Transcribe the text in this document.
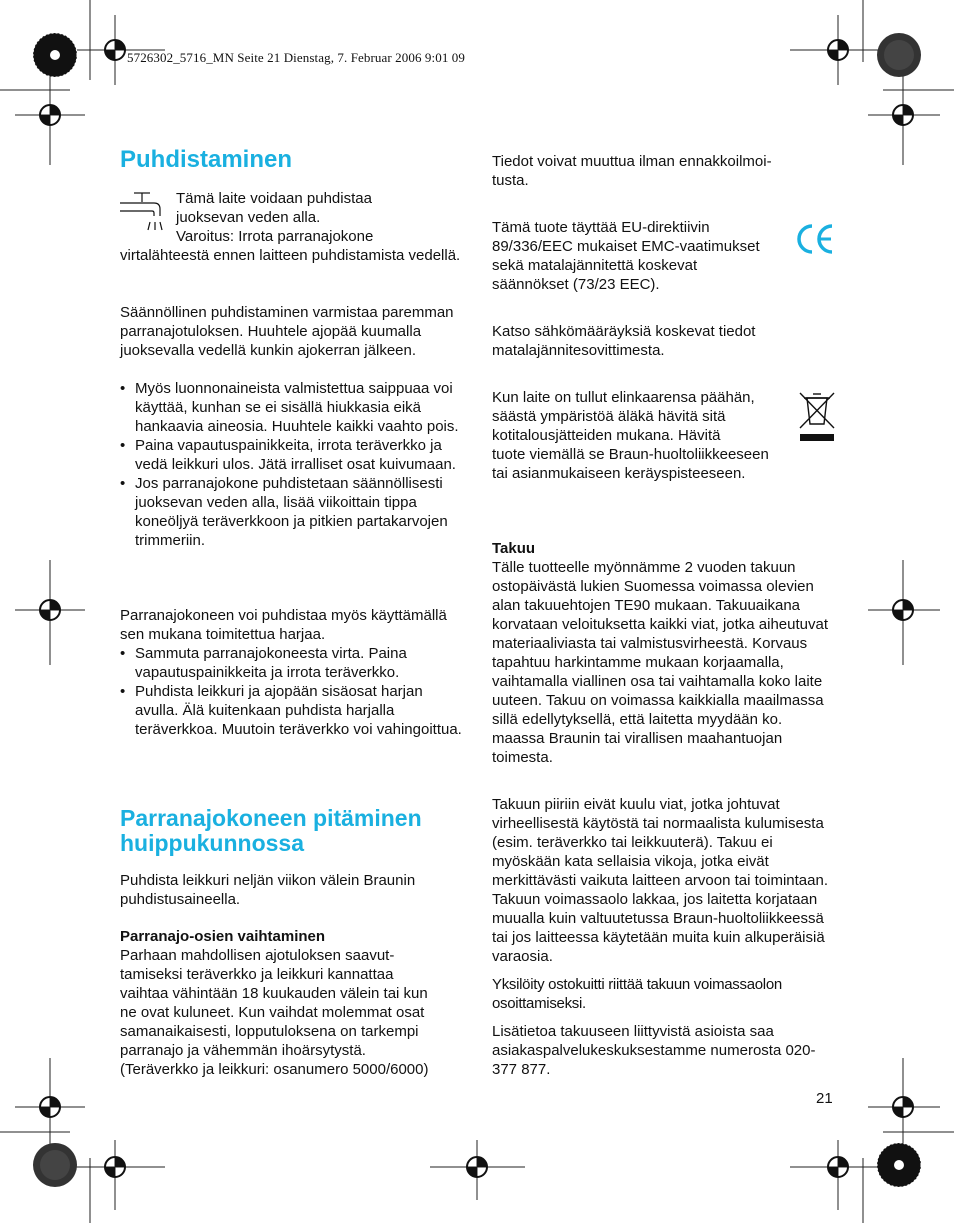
5726302_5716_MN Seite 21 Dienstag, 7. Februar 2006 9:01 09
Puhdistaminen

Tämä laite voidaan puhdistaa

juoksevan veden alla.

Varoitus: Irrota parranajokone

virtalähteestä ennen laitteen puhdistamista vedellä.
Säännöllinen puhdistaminen varmistaa paremman parranajotuloksen. Huuhtele ajopää kuumalla juoksevalla vedellä kunkin ajokerran jälkeen.
• Myös luonnonaineista valmistettua saippuaa voi käyttää, kunhan se ei sisällä hiukkasia eikä hankaavia aineosia. Huuhtele kaikki vaahto pois.
• Paina vapautuspainikkeita, irrota teräverkko ja vedä leikkuri ulos. Jätä irralliset osat kuivumaan.
• Jos parranajokone puhdistetaan säännöllisesti juoksevan veden alla, lisää viikoittain tippa koneöljyä teräverkkoon ja pitkien partakarvojen trimmeriin.
Parranajokoneen voi puhdistaa myös käyttämällä sen mukana toimitettua harjaa.
• Sammuta parranajokoneesta virta. Paina vapautuspainikkeita ja irrota teräverkko.
• Puhdista leikkuri ja ajopään sisäosat harjan avulla. Älä kuitenkaan puhdista harjalla teräverkkoa. Muutoin teräverkko voi vahingoittua.
Parranajokoneen pitäminen
huippukunnossa
Puhdista leikkuri neljän viikon välein Braunin puhdistusaineella.
Parranajo-osien vaihtaminen

Parhaan mahdollisen ajotuloksen saavut-

tamiseksi teräverkko ja leikkuri kannattaa

vaihtaa vähintään 18 kuukauden välein tai kun

ne ovat kuluneet. Kun vaihdat molemmat osat

samanaikaisesti, lopputuloksena on tarkempi

parranajo ja vähemmän ihoärsytystä.

(Teräverkko ja leikkuri: osanumero 5000/6000)

Tiedot voivat muuttua ilman ennakkoilmoi-

tusta.

Tämä tuote täyttää EU-direktiivin 89/336/EEC mukaiset EMC-vaatimukset sekä matalajännitettä koskevat säännökset (73/23 EEC).
Katso sähkömääräyksiä koskevat tiedot matalajännitesovittimesta.

Kun laite on tullut elinkaarensa päähän,

säästä ympäristöä äläkä hävitä sitä

kotitalousjätteiden mukana. Hävitä

tuote viemällä se Braun-huoltoliikkeeseen

tai asianmukaiseen keräyspisteeseen.

Takuu
Tälle tuotteelle myönnämme 2 vuoden takuun ostopäivästä lukien Suomessa voimassa olevien alan takuuehtojen TE90 mukaan. Takuuaikana korvataan veloituksetta kaikki viat, jotka aiheutuvat materiaaliviasta tai valmistusvirheestä. Korvaus tapahtuu harkintamme mukaan korjaamalla, vaihtamalla viallinen osa tai vaihtamalla koko laite uuteen. Takuu on voimassa kaikkialla maailmassa sillä edellytyksellä, että laitetta myydään ko. maassa Braunin tai virallisen maahantuojan toimesta.
Takuun piiriin eivät kuulu viat, jotka johtuvat virheellisestä käytöstä tai normaalista kulumisesta (esim. teräverkko tai leikkuuterä). Takuu ei myöskään kata sellaisia vikoja, jotka eivät merkittävästi vaikuta laitteen arvoon tai toimintaan. Takuun voimassaolo lakkaa, jos laitetta korjataan muualla kuin valtuutetussa Braun-huoltoliikkeessä tai jos laitteessa käytetään muita kuin alkuperäisiä varaosia.
Yksilöity ostokuitti riittää takuun voimassaolon osoittamiseksi.
Lisätietoa takuuseen liittyvistä asioista saa asiakaspalvelukeskuksestamme numerosta 020-377 877.
21
